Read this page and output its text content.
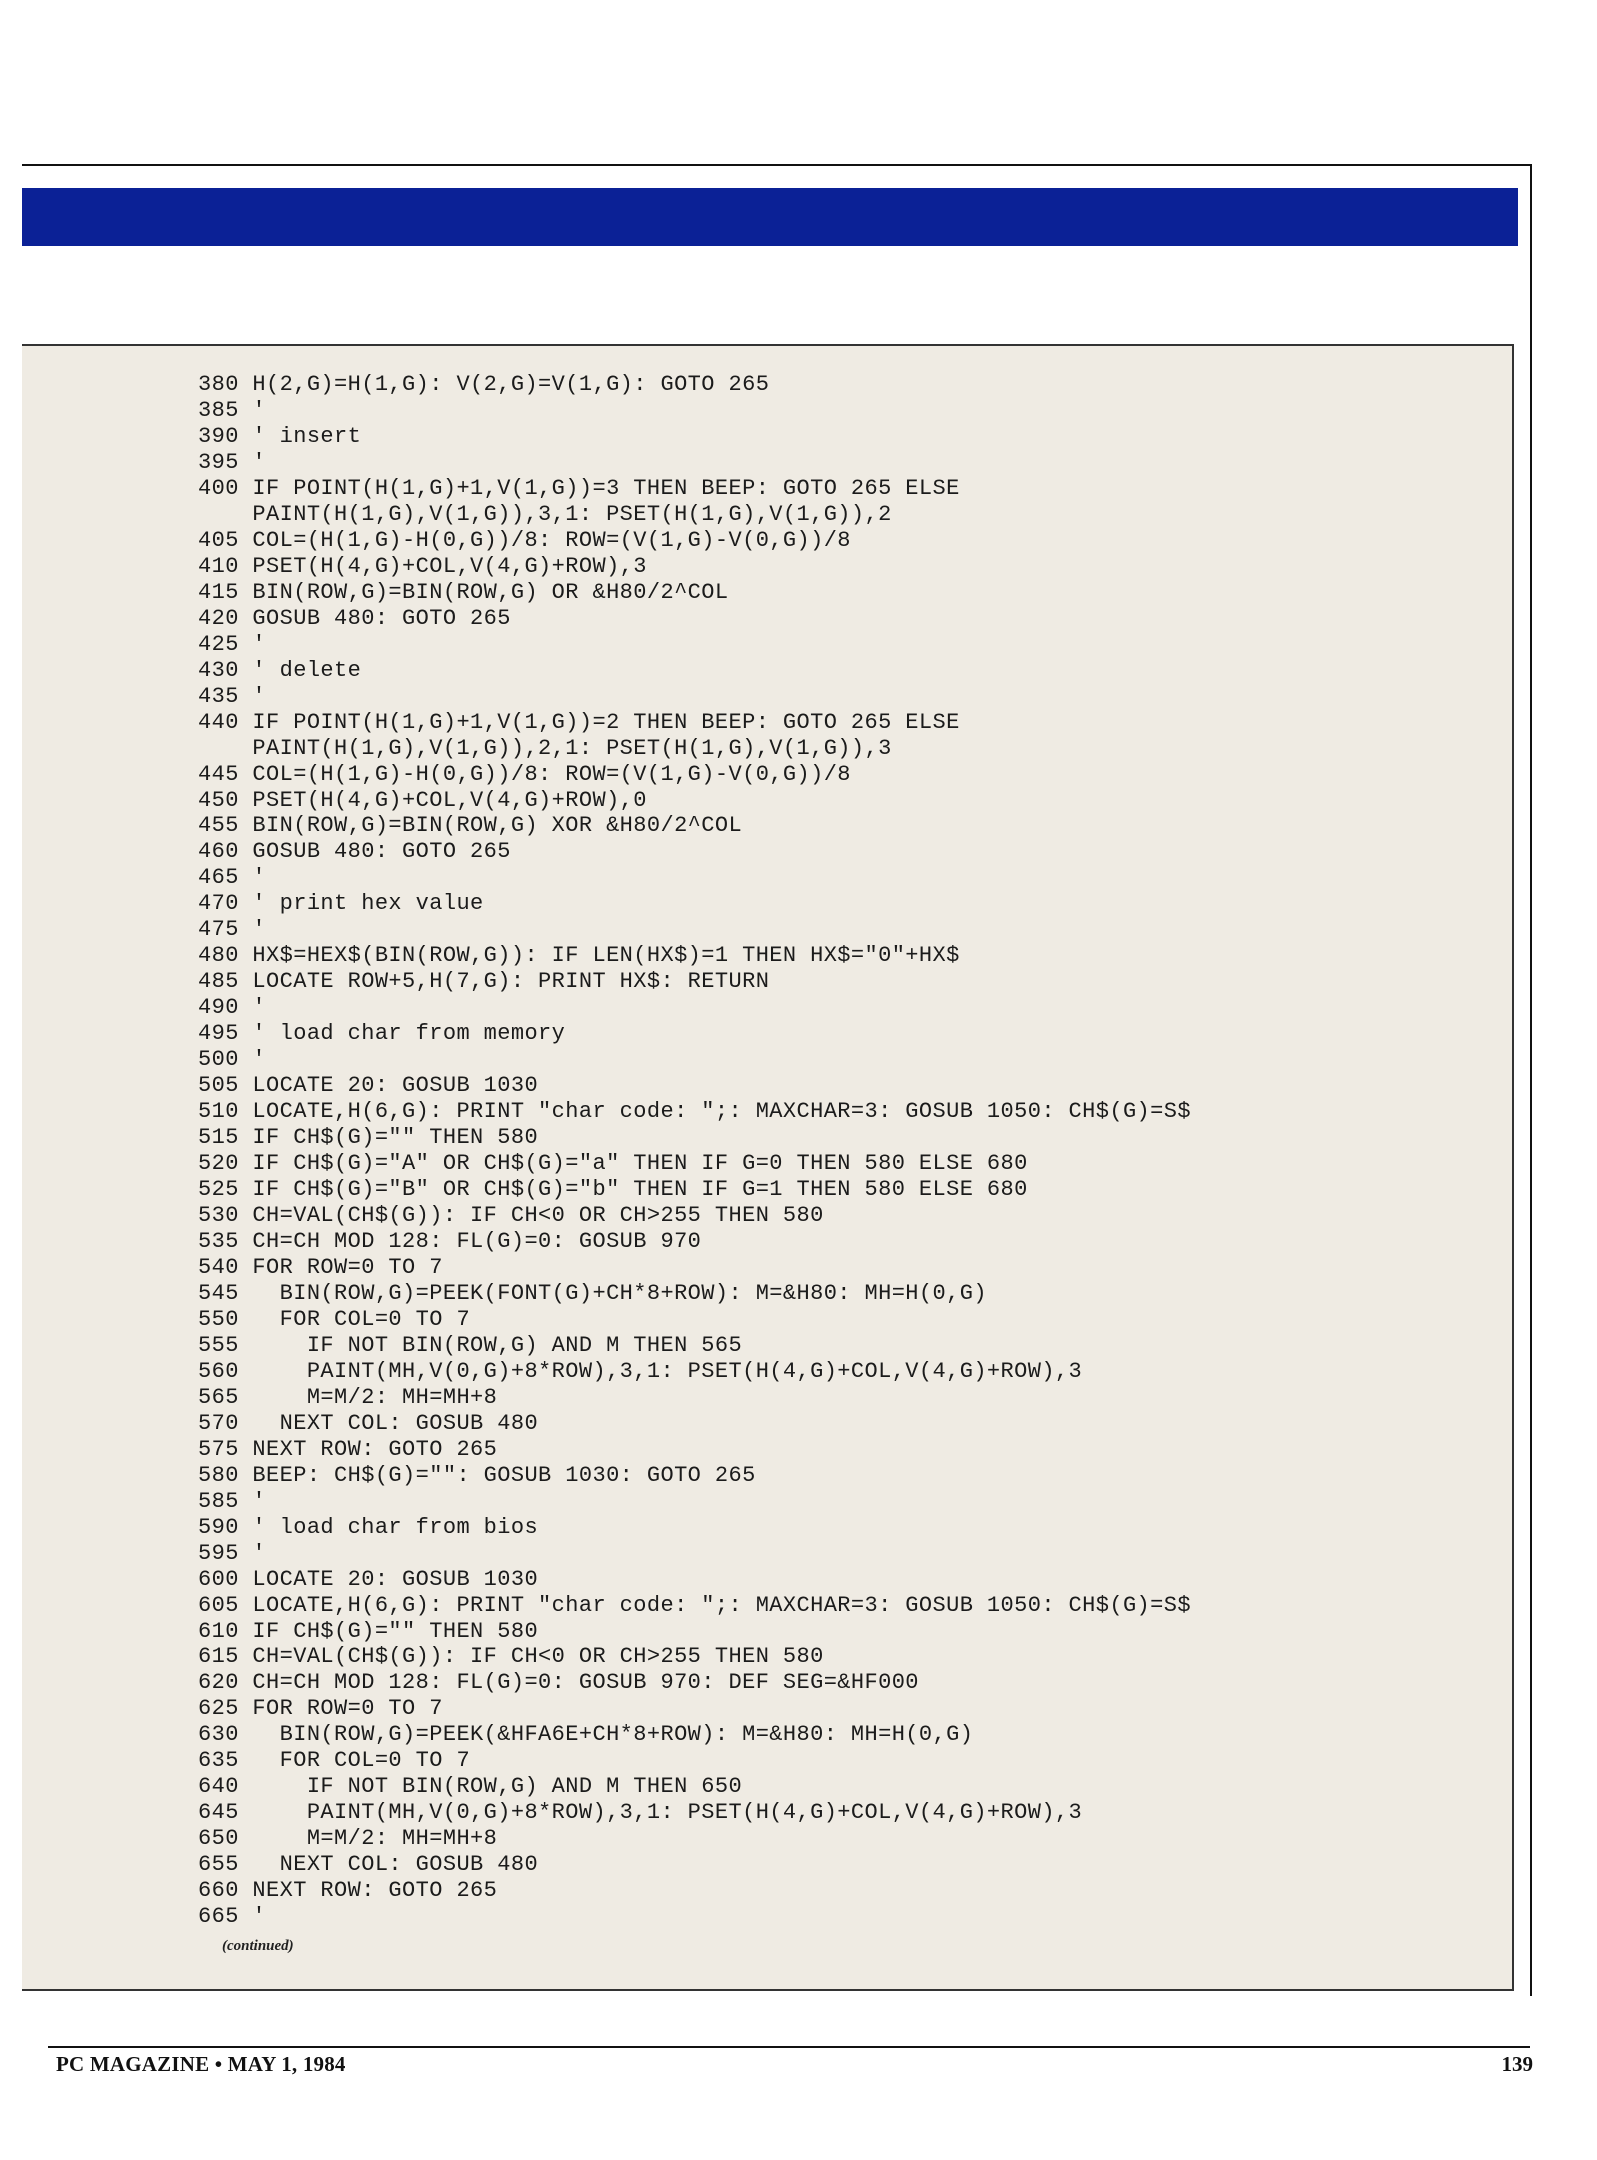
380 H(2,G)=H(1,G): V(2,G)=V(1,G): GOTO 265
385 '
390 ' insert
395 '
400 IF POINT(H(1,G)+1,V(1,G))=3 THEN BEEP: GOTO 265 ELSE
PAINT(H(1,G),V(1,G)),3,1: PSET(H(1,G),V(1,G)),2
405 COL=(H(1,G)-H(0,G))/8: ROW=(V(1,G)-V(0,G))/8
410 PSET(H(4,G)+COL,V(4,G)+ROW),3
415 BIN(ROW,G)=BIN(ROW,G) OR &H80/2^COL
420 GOSUB 480: GOTO 265
425 '
430 ' delete
435 '
440 IF POINT(H(1,G)+1,V(1,G))=2 THEN BEEP: GOTO 265 ELSE
PAINT(H(1,G),V(1,G)),2,1: PSET(H(1,G),V(1,G)),3
445 COL=(H(1,G)-H(0,G))/8: ROW=(V(1,G)-V(0,G))/8
450 PSET(H(4,G)+COL,V(4,G)+ROW),0
455 BIN(ROW,G)=BIN(ROW,G) XOR &H80/2^COL
460 GOSUB 480: GOTO 265
465 '
470 ' print hex value
475 '
480 HX$=HEX$(BIN(ROW,G)): IF LEN(HX$)=1 THEN HX$="0"+HX$
485 LOCATE ROW+5,H(7,G): PRINT HX$: RETURN
490 '
495 ' load char from memory
500 '
505 LOCATE 20: GOSUB 1030
510 LOCATE,H(6,G): PRINT "char code: ";: MAXCHAR=3: GOSUB 1050: CH$(G)=S$
515 IF CH$(G)="" THEN 580
520 IF CH$(G)="A" OR CH$(G)="a" THEN IF G=0 THEN 580 ELSE 680
525 IF CH$(G)="B" OR CH$(G)="b" THEN IF G=1 THEN 580 ELSE 680
530 CH=VAL(CH$(G)): IF CH<0 OR CH>255 THEN 580
535 CH=CH MOD 128: FL(G)=0: GOSUB 970
540 FOR ROW=0 TO 7
545   BIN(ROW,G)=PEEK(FONT(G)+CH*8+ROW): M=&H80: MH=H(0,G)
550   FOR COL=0 TO 7
555     IF NOT BIN(ROW,G) AND M THEN 565
560     PAINT(MH,V(0,G)+8*ROW),3,1: PSET(H(4,G)+COL,V(4,G)+ROW),3
565     M=M/2: MH=MH+8
570   NEXT COL: GOSUB 480
575 NEXT ROW: GOTO 265
580 BEEP: CH$(G)="": GOSUB 1030: GOTO 265
585 '
590 ' load char from bios
595 '
600 LOCATE 20: GOSUB 1030
605 LOCATE,H(6,G): PRINT "char code: ";: MAXCHAR=3: GOSUB 1050: CH$(G)=S$
610 IF CH$(G)="" THEN 580
615 CH=VAL(CH$(G)): IF CH<0 OR CH>255 THEN 580
620 CH=CH MOD 128: FL(G)=0: GOSUB 970: DEF SEG=&HF000
625 FOR ROW=0 TO 7
630   BIN(ROW,G)=PEEK(&HFA6E+CH*8+ROW): M=&H80: MH=H(0,G)
635   FOR COL=0 TO 7
640     IF NOT BIN(ROW,G) AND M THEN 650
645     PAINT(MH,V(0,G)+8*ROW),3,1: PSET(H(4,G)+COL,V(4,G)+ROW),3
650     M=M/2: MH=MH+8
655   NEXT COL: GOSUB 480
660 NEXT ROW: GOTO 265
665 '
(continued)
PC MAGAZINE • MAY 1, 1984	139
